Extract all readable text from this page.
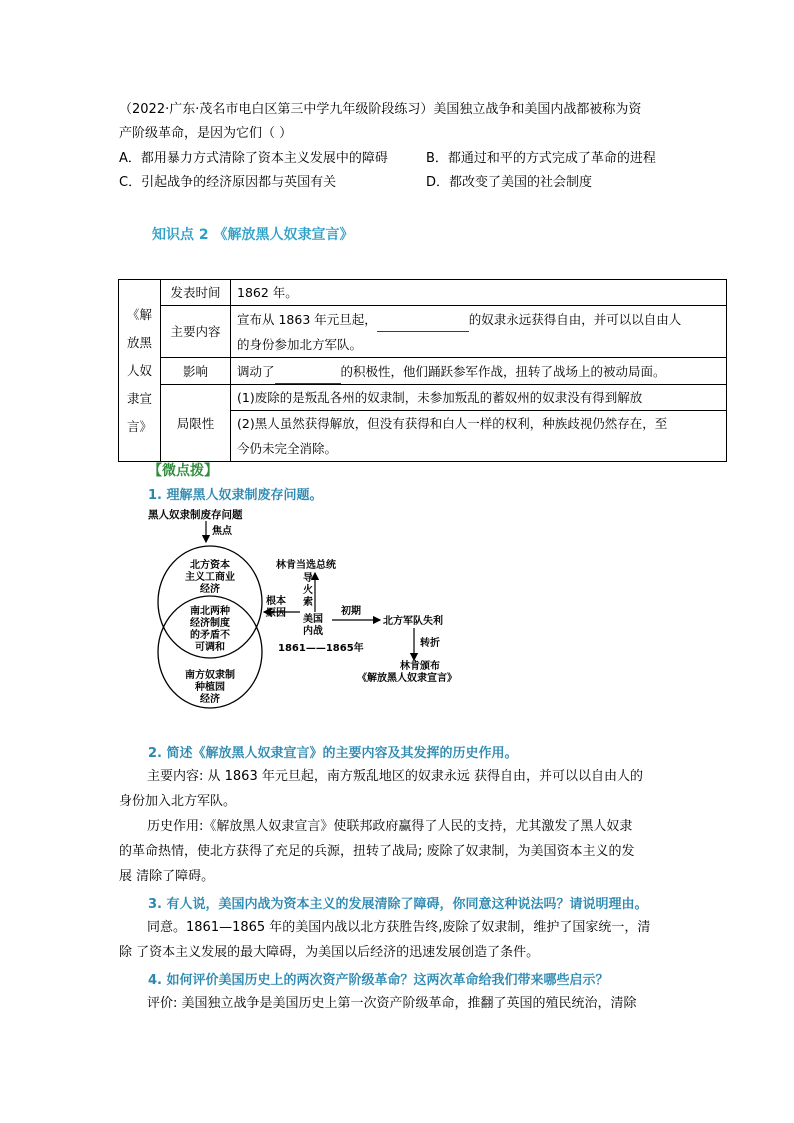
（2022·广东·茂名市电白区第三中学九年级阶段练习）美国独立战争和美国内战都被称为资
产阶级革命，是因为它们（ ）
A．都用暴力方式清除了资本主义发展中的障碍	B．都通过和平的方式完成了革命的进程
C．引起战争的经济原因都与英国有关	D．都改变了美国的社会制度
知识点 2 《解放黑人奴隶宣言》
《解放黑人奴隶宣言》	发表时间	1862 年。
	主要内容	宣布从 1863 年元旦起， 的奴隶永远获得自由，并可以以自由人
的身份参加北方军队。
	影响	调动了 的积极性，他们踊跃参军作战，扭转了战场上的被动局面。
	局限性	(1)废除的是叛乱各州的奴隶制，未参加叛乱的蓄奴州的奴隶没有得到解放
		(2)黑人虽然获得解放，但没有获得和白人一样的权利，种族歧视仍然存在，至
今仍未完全消除。
【微点拨】
1. 理解黑人奴隶制废存问题。
黑人奴隶制废存问题
焦点
北方资本
主义工商业
经济
南北两种
经济制度
的矛盾不
可调和
南方奴隶制
种植园
经济
根本
原因
美国
内战
1861——1865年
导
火
索
林肯当选总统
初期
北方军队失利
转折
林肯颁布
《解放黑人奴隶宣言》
2. 简述《解放黑人奴隶宣言》的主要内容及其发挥的历史作用。
主要内容: 从 1863 年元旦起，南方叛乱地区的奴隶永远 获得自由，并可以以自由人的
身份加入北方军队。
历史作用:《解放黑人奴隶宣言》使联邦政府赢得了人民的支持，尤其激发了黑人奴隶
的革命热情，使北方获得了充足的兵源，扭转了战局; 废除了奴隶制，为美国资本主义的发
展 清除了障碍。
3. 有人说，美国内战为资本主义的发展清除了障碍，你同意这种说法吗？请说明理由。
同意。1861—1865 年的美国内战以北方获胜告终,废除了奴隶制，维护了国家统一，清
除 了资本主义发展的最大障碍，为美国以后经济的迅速发展创造了条件。
4. 如何评价美国历史上的两次资产阶级革命？这两次革命给我们带来哪些启示？
评价: 美国独立战争是美国历史上第一次资产阶级革命，推翻了英国的殖民统治，清除
